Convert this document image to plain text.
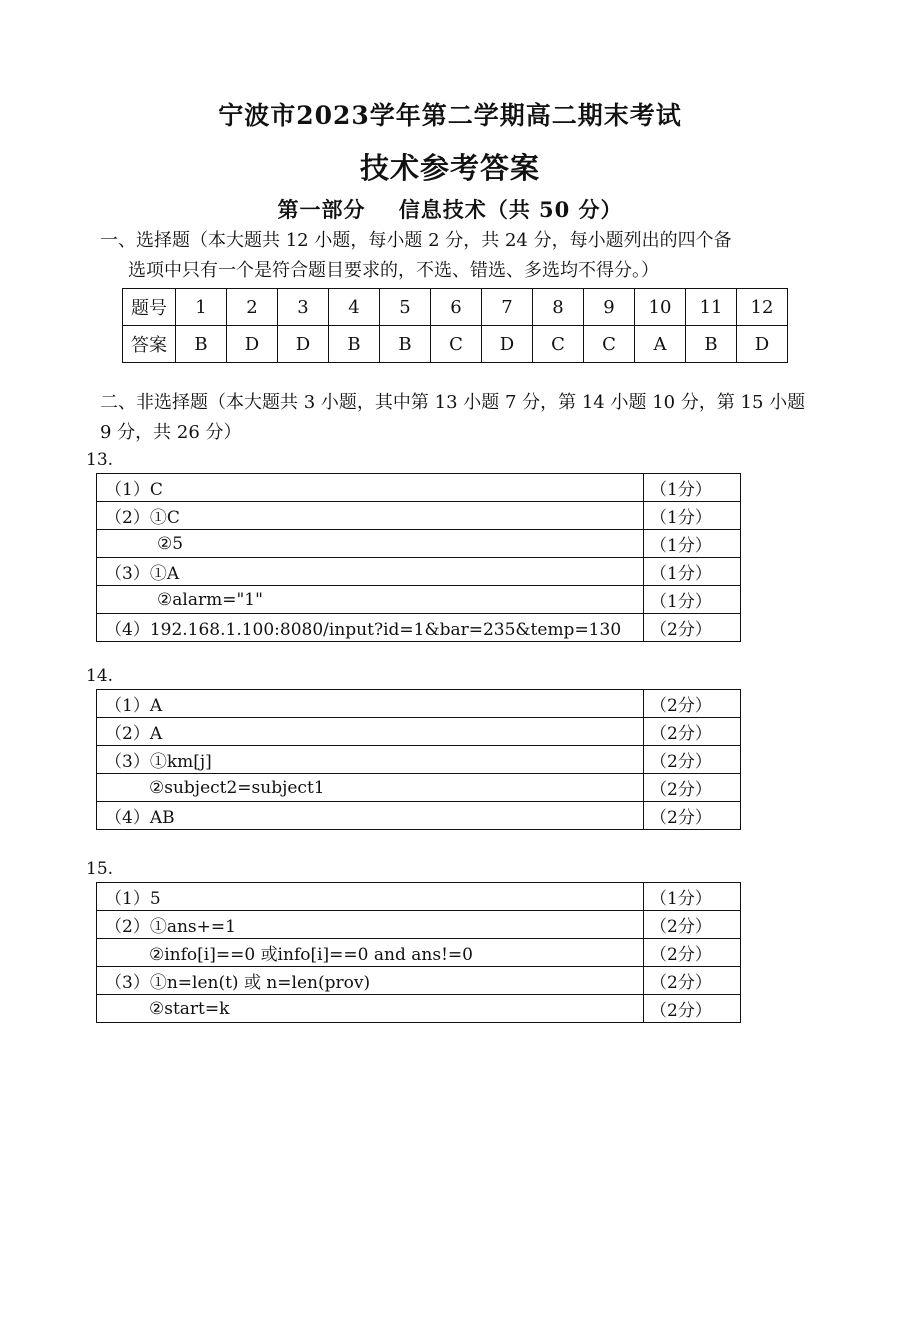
宁波市2023学年第二学期高二期末考试
技术参考答案
第一部分    信息技术（共 50 分）
一、选择题（本大题共 12 小题，每小题 2 分，共 24 分，每小题列出的四个备
选项中只有一个是符合题目要求的，不选、错选、多选均不得分。）
题号	1	2	3	4	5	6	7	8	9	10	11	12
答案	B	D	D	B	B	C	D	C	C	A	B	D
二、非选择题（本大题共 3 小题，其中第 13 小题 7 分，第 14 小题 10 分，第 15 小题 9 分，共 26 分）
13.
（1）C	（1分）
（2）①C	（1分）
②5	（1分）
（3）①A	（1分）
②alarm="1"	（1分）
（4）192.168.1.100:8080/input?id=1&bar=235&temp=130	（2分）
14.
（1）A	（2分）
（2）A	（2分）
（3）①km[j]	（2分）
②subject2=subject1	（2分）
（4）AB	（2分）
15.
（1）5	（1分）
（2）①ans+=1	（2分）
②info[i]==0 或info[i]==0 and ans!=0	（2分）
（3）①n=len(t) 或 n=len(prov)	（2分）
②start=k	（2分）
